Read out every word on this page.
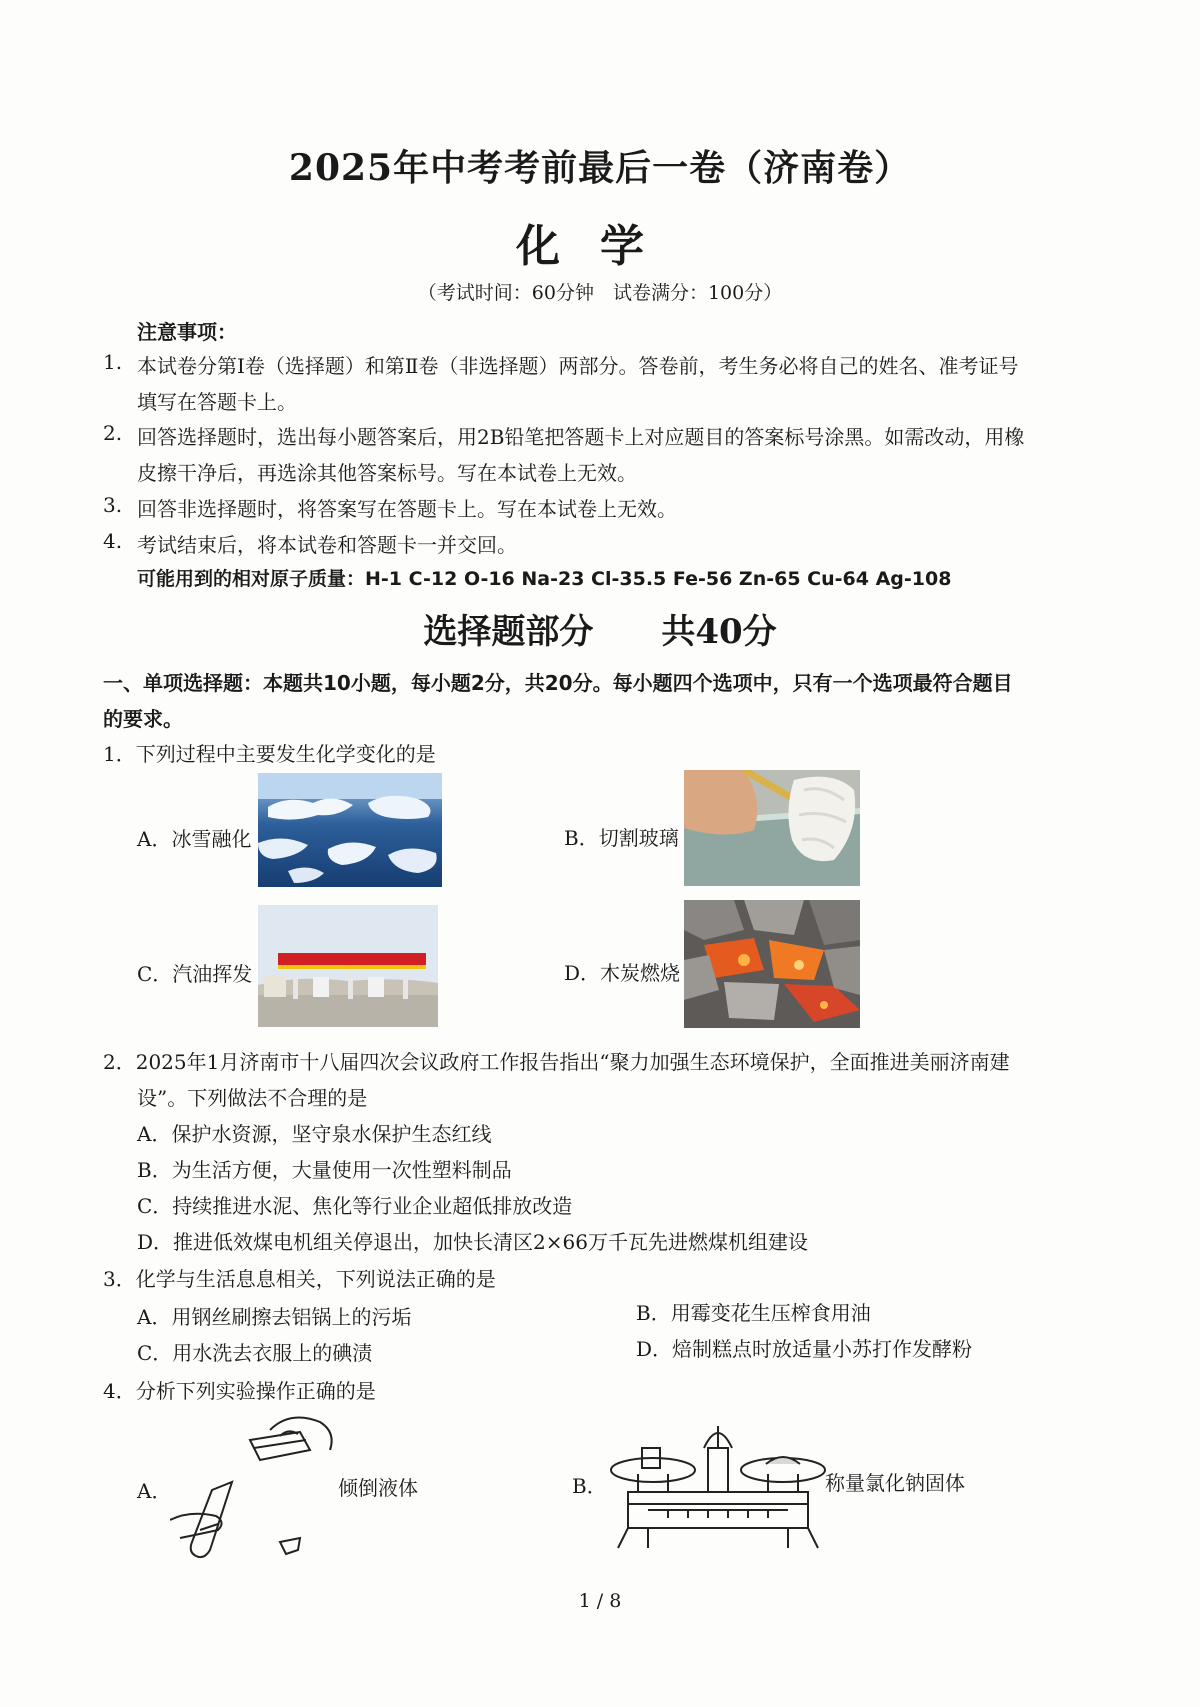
2025年中考考前最后一卷（济南卷）
化学
（考试时间：60分钟　试卷满分：100分）
注意事项：
1. 本试卷分第Ⅰ卷（选择题）和第Ⅱ卷（非选择题）两部分。答卷前，考生务必将自己的姓名、准考证号
填写在答题卡上。
2. 回答选择题时，选出每小题答案后，用2B铅笔把答题卡上对应题目的答案标号涂黑。如需改动，用橡
皮擦干净后，再选涂其他答案标号。写在本试卷上无效。
3. 回答非选择题时，将答案写在答题卡上。写在本试卷上无效。
4. 考试结束后，将本试卷和答题卡一并交回。
可能用到的相对原子质量：H-1 C-12 O-16 Na-23 Cl-35.5 Fe-56 Zn-65 Cu-64 Ag-108
选择题部分　　共40分
一、单项选择题：本题共10小题，每小题2分，共20分。每小题四个选项中，只有一个选项最符合题目
的要求。
1．下列过程中主要发生化学变化的是
A．冰雪融化	B．切割玻璃
C．汽油挥发	D．木炭燃烧
2．2025年1月济南市十八届四次会议政府工作报告指出“聚力加强生态环境保护，全面推进美丽济南建
设”。下列做法不合理的是
A．保护水资源，坚守泉水保护生态红线
B．为生活方便，大量使用一次性塑料制品
C．持续推进水泥、焦化等行业企业超低排放改造
D．推进低效煤电机组关停退出，加快长清区2×66万千瓦先进燃煤机组建设
3．化学与生活息息相关，下列说法正确的是
A．用钢丝刷擦去铝锅上的污垢	B．用霉变花生压榨食用油
C．用水洗去衣服上的碘渍	D．焙制糕点时放适量小苏打作发酵粉
4．分析下列实验操作正确的是
A．	倾倒液体	B．	称量氯化钠固体
1 / 8
